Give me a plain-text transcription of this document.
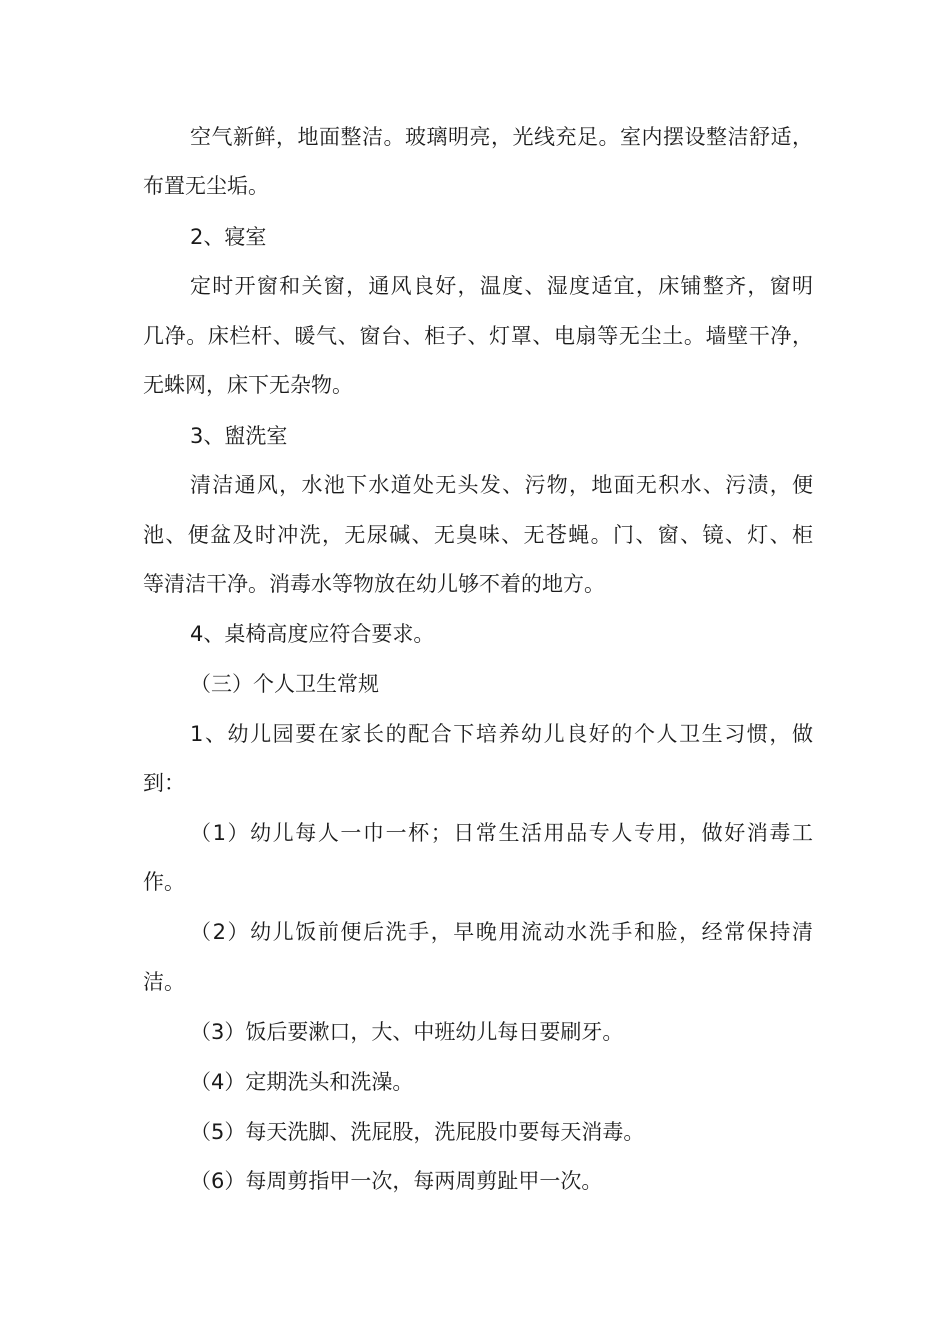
空气新鲜，地面整洁。玻璃明亮，光线充足。室内摆设整洁舒适，
布置无尘垢。
2、寝室
定时开窗和关窗，通风良好，温度、湿度适宜，床铺整齐，窗明
几净。床栏杆、暖气、窗台、柜子、灯罩、电扇等无尘土。墙壁干净，
无蛛网，床下无杂物。
3、盥洗室
清洁通风，水池下水道处无头发、污物，地面无积水、污渍，便
池、便盆及时冲洗，无尿碱、无臭味、无苍蝇。门、窗、镜、灯、柜
等清洁干净。消毒水等物放在幼儿够不着的地方。
4、桌椅高度应符合要求。
（三）个人卫生常规
1、幼儿园要在家长的配合下培养幼儿良好的个人卫生习惯，做
到：
（1）幼儿每人一巾一杯；日常生活用品专人专用，做好消毒工
作。
（2）幼儿饭前便后洗手，早晚用流动水洗手和脸，经常保持清
洁。
（3）饭后要漱口，大、中班幼儿每日要刷牙。
（4）定期洗头和洗澡。
（5）每天洗脚、洗屁股，洗屁股巾要每天消毒。
（6）每周剪指甲一次，每两周剪趾甲一次。
